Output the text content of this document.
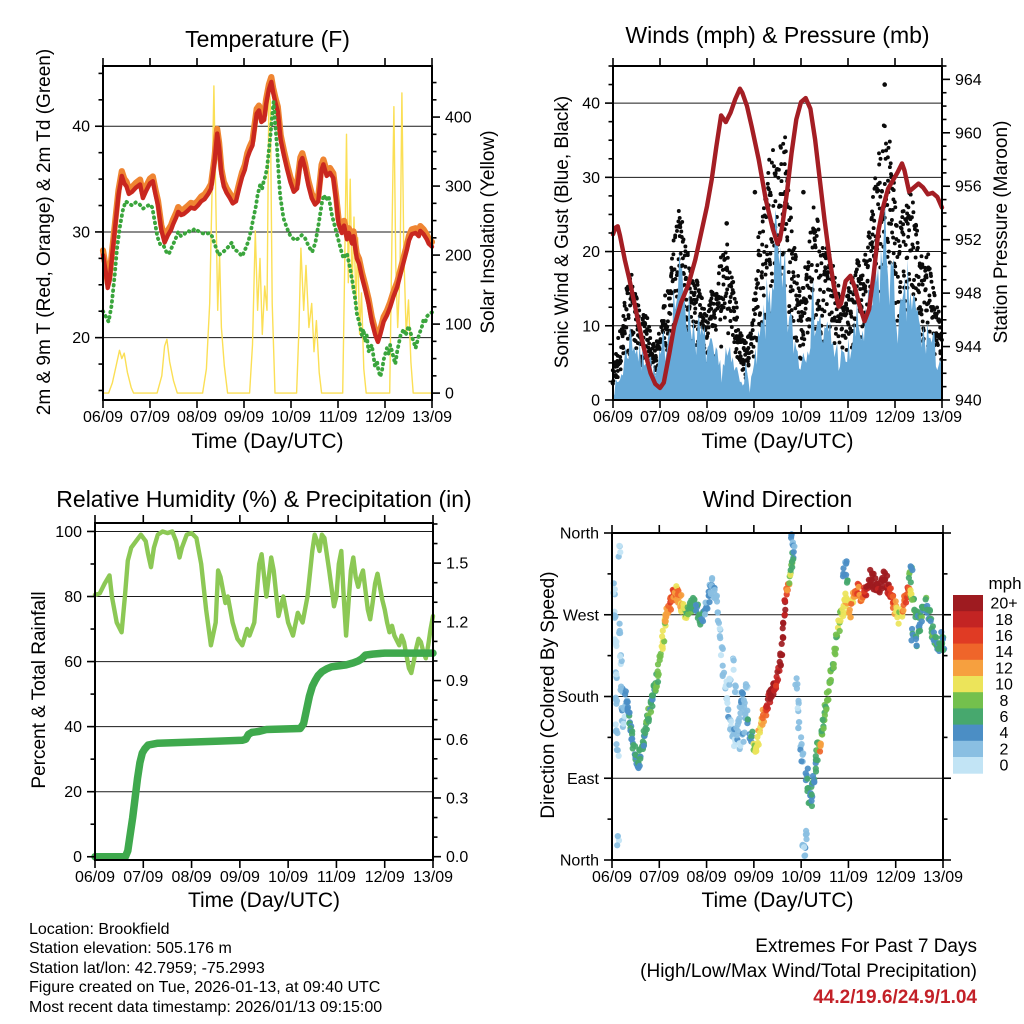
06/09 07/09 08/09 09/09 10/09 11/09 12/09 13/09
20
30
40
0
100
200
300
400
06/09 07/09 08/09 09/09 10/09 11/09 12/09 13/09
0
10
20
30
40
940
944
948
952
956
960
964
06/09 07/09 08/09 09/09 10/09 11/09 12/09 13/09
0
20
40
60
80
100
0.0
0.3
0.6
0.9
1.2
1.5
06/09 07/09 08/09 09/09 10/09 11/09 12/09 13/09
North
East
South
West
North
mph
20+
18
16
14
12
10
8
6
4
2
0
Temperature (F)	Winds (mph) & Pressure (mb)
Relative Humidity (%) & Precipitation (in)	Wind Direction
Time (Day/UTC)	Time (Day/UTC)
Time (Day/UTC)	Time (Day/UTC)
2m & 9m T (Red, Orange) & 2m Td (Green)	Solar Insolation (Yellow)	Sonic Wind & Gust (Blue, Black)	Station Pressure (Maroon)
Percent & Total Rainfall	Direction (Colored By Speed)
Location: Brookfield
Station elevation: 505.176 m
Station lat/lon: 42.7959; -75.2993
Figure created on Tue, 2026-01-13, at 09:40 UTC
Most recent data timestamp: 2026/01/13 09:15:00
Extremes For Past 7 Days
(High/Low/Max Wind/Total Precipitation)
44.2/19.6/24.9/1.04
